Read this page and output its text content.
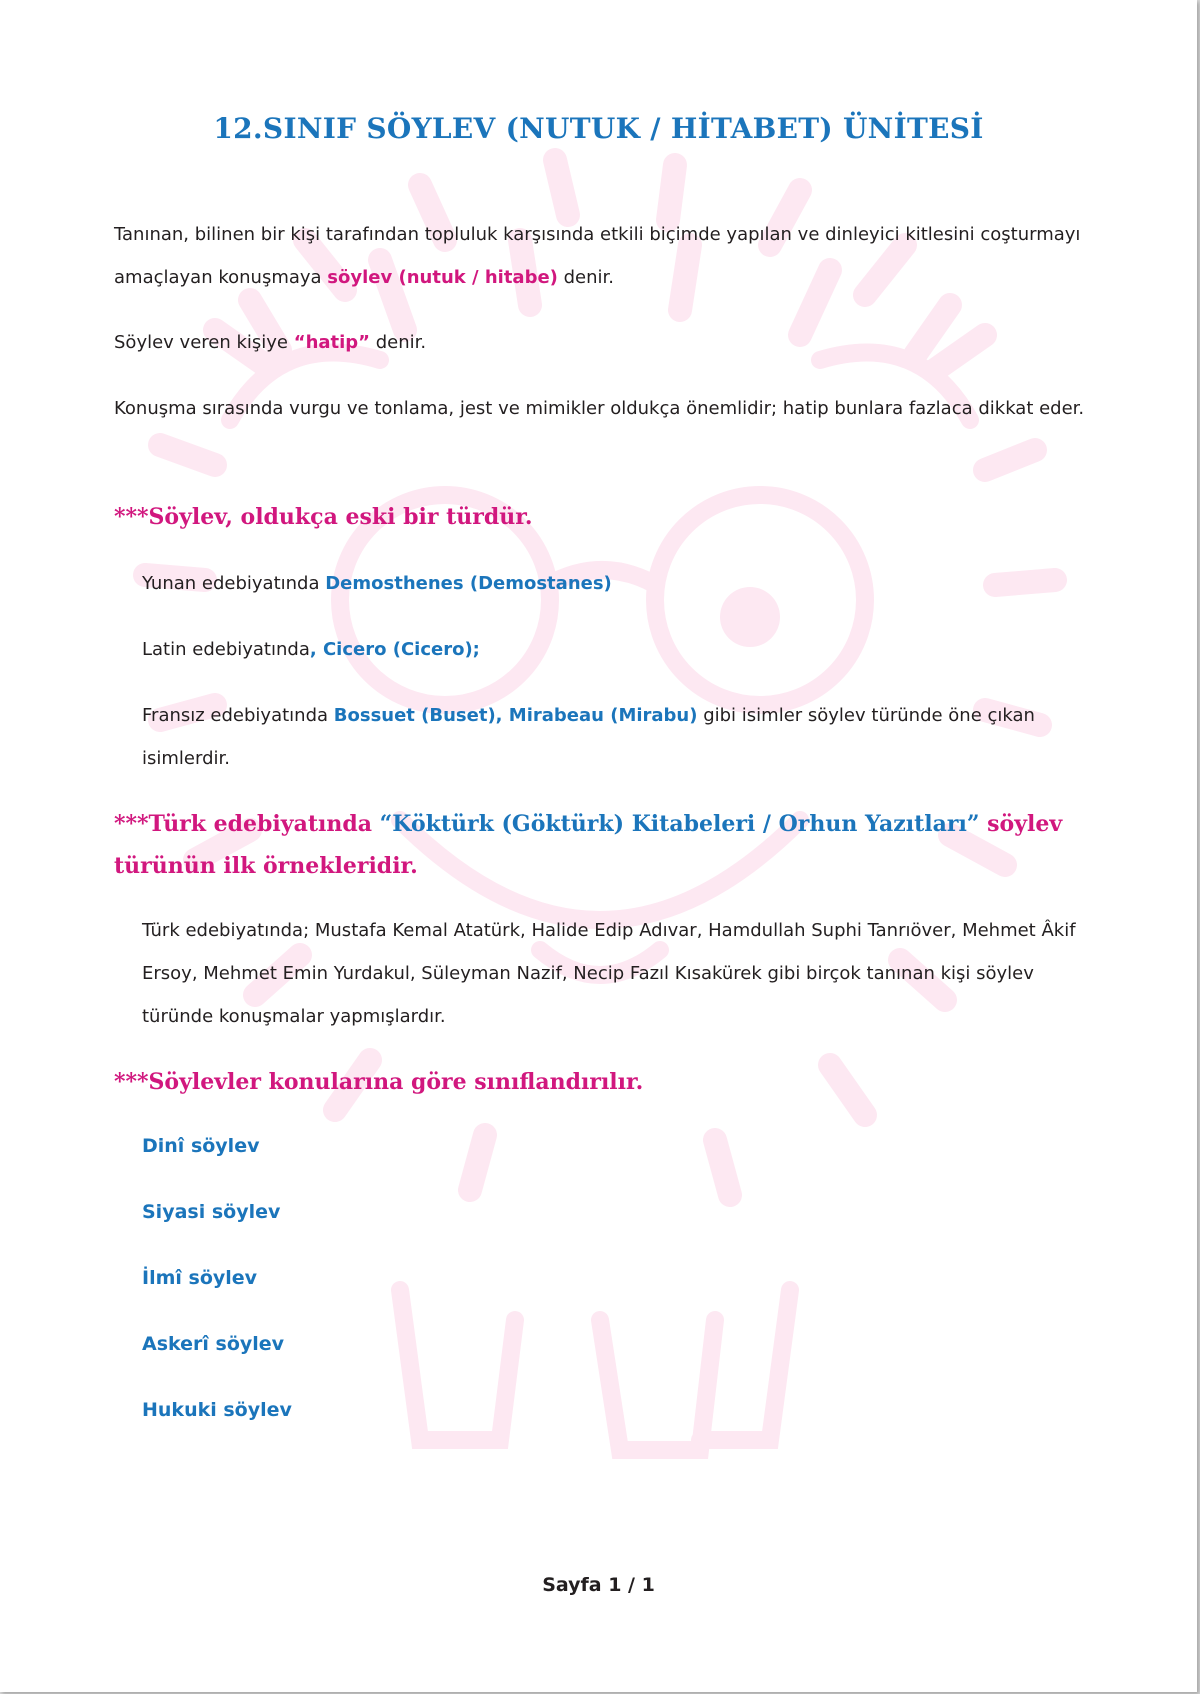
12.SINIF SÖYLEV (NUTUK / HİTABET) ÜNİTESİ

Tanınan, bilinen bir kişi tarafından topluluk karşısında etkili biçimde yapılan ve dinleyici kitlesini coşturmayı amaçlayan konuşmaya söylev (nutuk / hitabe) denir.

Söylev veren kişiye “hatip” denir.

Konuşma sırasında vurgu ve tonlama, jest ve mimikler oldukça önemlidir; hatip bunlara fazlaca dikkat eder.

***Söylev, oldukça eski bir türdür.

Yunan edebiyatında Demosthenes (Demostanes)

Latin edebiyatında, Cicero (Cicero);

Fransız edebiyatında Bossuet (Buset), Mirabeau (Mirabu) gibi isimler söylev türünde öne çıkan isimlerdir.

***Türk edebiyatında “Köktürk (Göktürk) Kitabeleri / Orhun Yazıtları” söylev türünün ilk örnekleridir.

Türk edebiyatında; Mustafa Kemal Atatürk, Halide Edip Adıvar, Hamdullah Suphi Tanrıöver, Mehmet Âkif Ersoy, Mehmet Emin Yurdakul, Süleyman Nazif, Necip Fazıl Kısakürek gibi birçok tanınan kişi söylev türünde konuşmalar yapmışlardır.

***Söylevler konularına göre sınıflandırılır.

Dinî söylev
Siyasi söylev
İlmî söylev
Askerî söylev
Hukuki söylev
Sayfa 1 / 1
